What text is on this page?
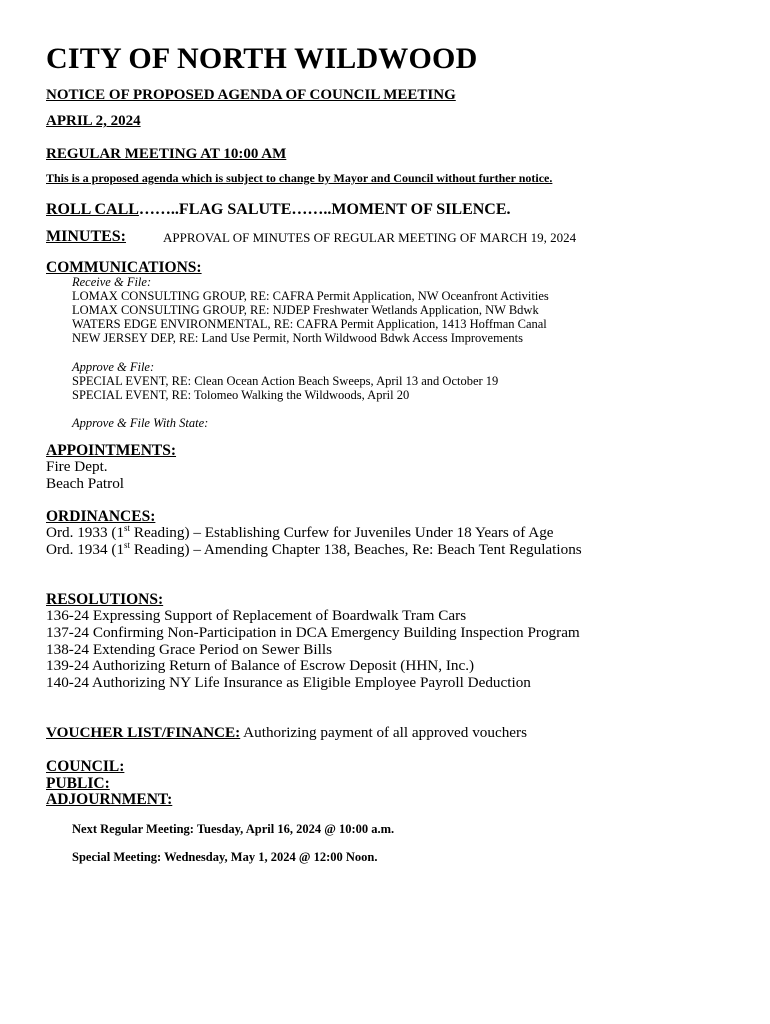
CITY OF NORTH WILDWOOD
NOTICE OF PROPOSED AGENDA OF COUNCIL MEETING
APRIL 2, 2024
REGULAR MEETING AT 10:00 AM
This is a proposed agenda which is subject to change by Mayor and Council without further notice.
ROLL CALL……..FLAG SALUTE……..MOMENT OF SILENCE.
MINUTES:	APPROVAL OF MINUTES OF REGULAR MEETING OF MARCH 19, 2024
COMMUNICATIONS:
Receive & File:
LOMAX CONSULTING GROUP, RE: CAFRA Permit Application, NW Oceanfront Activities
LOMAX CONSULTING GROUP, RE: NJDEP Freshwater Wetlands Application, NW Bdwk
WATERS EDGE ENVIRONMENTAL, RE: CAFRA Permit Application, 1413 Hoffman Canal
NEW JERSEY DEP, RE: Land Use Permit, North Wildwood Bdwk Access Improvements
Approve & File:
SPECIAL EVENT, RE: Clean Ocean Action Beach Sweeps, April 13 and October 19
SPECIAL EVENT, RE: Tolomeo Walking the Wildwoods, April 20
Approve & File With State:
APPOINTMENTS:
Fire Dept.
Beach Patrol
ORDINANCES:
Ord. 1933 (1st Reading) – Establishing Curfew for Juveniles Under 18 Years of Age
Ord. 1934 (1st Reading) – Amending Chapter 138, Beaches, Re: Beach Tent Regulations
RESOLUTIONS:
136-24 Expressing Support of Replacement of Boardwalk Tram Cars
137-24 Confirming Non-Participation in DCA Emergency Building Inspection Program
138-24 Extending Grace Period on Sewer Bills
139-24 Authorizing Return of Balance of Escrow Deposit (HHN, Inc.)
140-24 Authorizing NY Life Insurance as Eligible Employee Payroll Deduction
VOUCHER LIST/FINANCE: Authorizing payment of all approved vouchers
COUNCIL:
PUBLIC:
ADJOURNMENT:
Next Regular Meeting: Tuesday, April 16, 2024 @ 10:00 a.m.
Special Meeting: Wednesday, May 1, 2024 @ 12:00 Noon.
